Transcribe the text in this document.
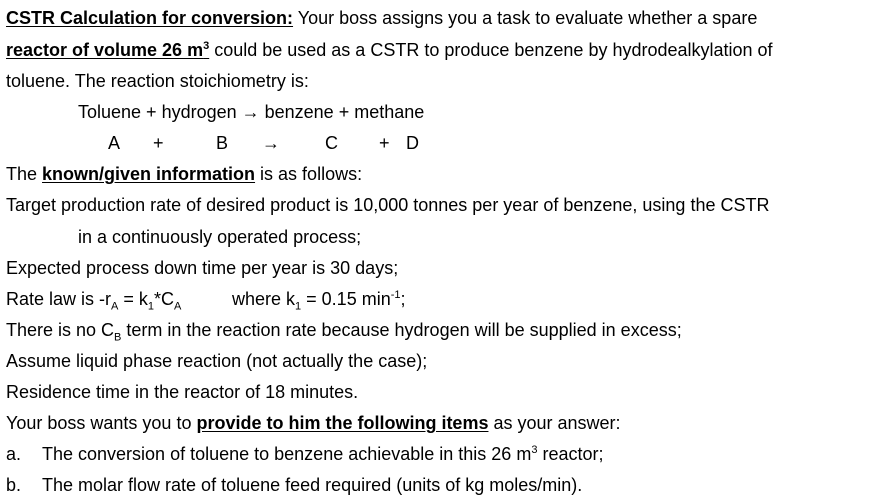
CSTR Calculation for conversion: Your boss assigns you a task to evaluate whether a spare
reactor of volume 26 $m^3$ could be used as a CSTR to produce benzene by hydrodealkylation of
toluene. The reaction stoichiometry is:
Toluene + hydrogen → benzene + methane
A +	B →	C + D
The known/given information is as follows:
Target production rate of desired product is 10,000 tonnes per year of benzene, using the CSTR
in a continuously operated process;
Expected process down time per year is 30 days;
Rate law is $-r_A = k_1*C_A$	where $k_1 = 0.15$ $\min^{-1}$;
There is no $C_B$ term in the reaction rate because hydrogen will be supplied in excess;
Assume liquid phase reaction (not actually the case);
Residence time in the reactor of 18 minutes.
Your boss wants you to provide to him the following items as your answer:
a. The conversion of toluene to benzene achievable in this 26 $m^3$ reactor;
b. The molar flow rate of toluene feed required (units of kg moles/min).
